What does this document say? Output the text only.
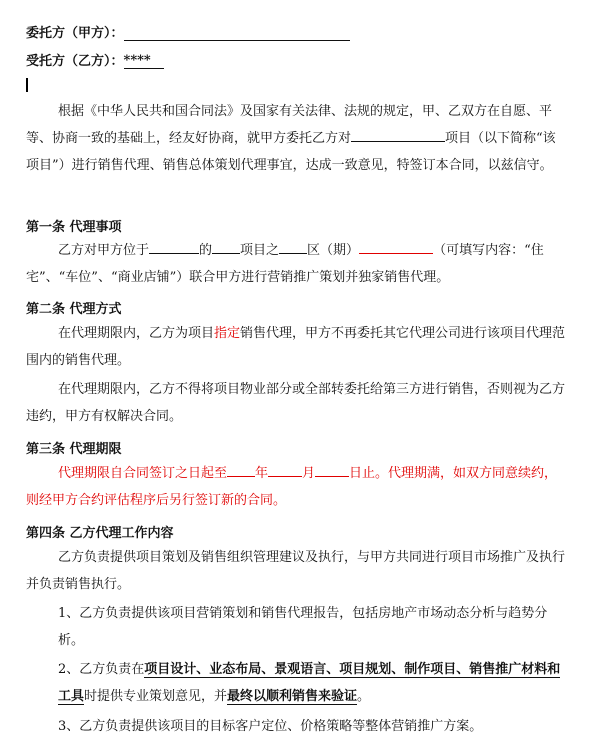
委托方（甲方）：
受托方（乙方）：****

根据《中华人民共和国合同法》及国家有关法律、法规的规定，甲、乙双方在自愿、平等、协商一致的基础上，经友好协商，就甲方委托乙方对	项目（以下简称“该项目”）进行销售代理、销售总体策划代理事宜，达成一致意见，特签订本合同，以兹信守。

第一条 代理事项

乙方对甲方位于	的 项目之 区（期）	（可填写内容：“住宅”、“车位”、“商业店铺”）联合甲方进行营销推广策划并独家销售代理。

第二条 代理方式

在代理期限内，乙方为项目指定销售代理，甲方不再委托其它代理公司进行该项目代理范围内的销售代理。

在代理期限内，乙方不得将项目物业部分或全部转委托给第三方进行销售，否则视为乙方违约，甲方有权解决合同。

第三条 代理期限

代理期限自合同签订之日起至 年	月	日止。代理期满，如双方同意续约，则经甲方合约评估程序后另行签订新的合同。

第四条 乙方代理工作内容

乙方负责提供项目策划及销售组织管理建议及执行，与甲方共同进行项目市场推广及执行并负责销售执行。

1、乙方负责提供该项目营销策划和销售代理报告，包括房地产市场动态分析与趋势分析。

2、乙方负责在项目设计、业态布局、景观语言、项目规划、制作项目、销售推广材料和工具时提供专业策划意见，并最终以顺利销售来验证。

3、乙方负责提供该项目的目标客户定位、价格策略等整体营销推广方案。
